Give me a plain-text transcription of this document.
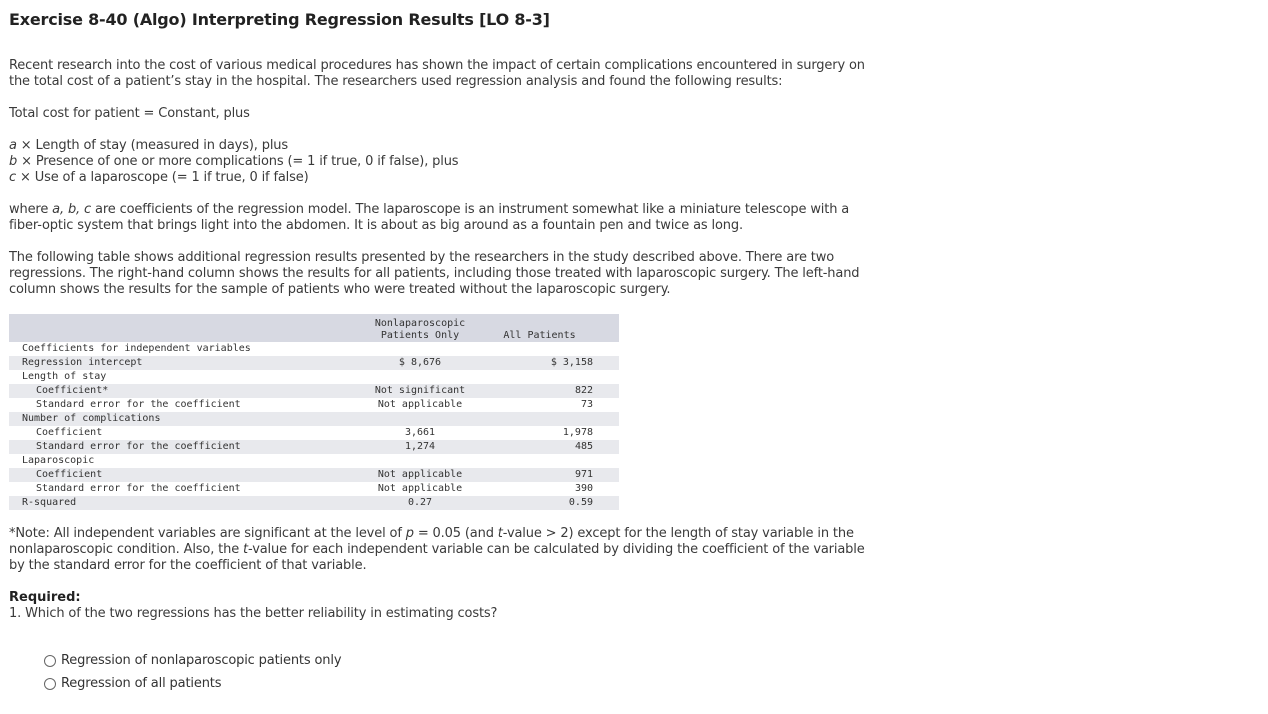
Exercise 8-40 (Algo) Interpreting Regression Results [LO 8-3]

Recent research into the cost of various medical procedures has shown the impact of certain complications encountered in surgery on
the total cost of a patient’s stay in the hospital. The researchers used regression analysis and found the following results:

Total cost for patient = Constant, plus

a × Length of stay (measured in days), plus
b × Presence of one or more complications (= 1 if true, 0 if false), plus
c × Use of a laparoscope (= 1 if true, 0 if false)

where a, b, c are coefficients of the regression model. The laparoscope is an instrument somewhat like a miniature telescope with a
fiber-optic system that brings light into the abdomen. It is about as big around as a fountain pen and twice as long.

The following table shows additional regression results presented by the researchers in the study described above. There are two
regressions. The right-hand column shows the results for all patients, including those treated with laparoscopic surgery. The left-hand
column shows the results for the sample of patients who were treated without the laparoscopic surgery.

	Nonlaparoscopic
Patients Only	All Patients
Coefficients for independent variables		
Regression intercept	$ 8,676	$ 3,158
Length of stay		
Coefficient*	Not significant	822
Standard error for the coefficient	Not applicable	73
Number of complications		
Coefficient	3,661	1,978
Standard error for the coefficient	1,274	485
Laparoscopic		
Coefficient	Not applicable	971
Standard error for the coefficient	Not applicable	390
R-squared	0.27	0.59

*Note: All independent variables are significant at the level of p = 0.05 (and t-value > 2) except for the length of stay variable in the
nonlaparoscopic condition. Also, the t-value for each independent variable can be calculated by dividing the coefficient of the variable
by the standard error for the coefficient of that variable.

Required:

1. Which of the two regressions has the better reliability in estimating costs?

Regression of nonlaparoscopic patients only
Regression of all patients
